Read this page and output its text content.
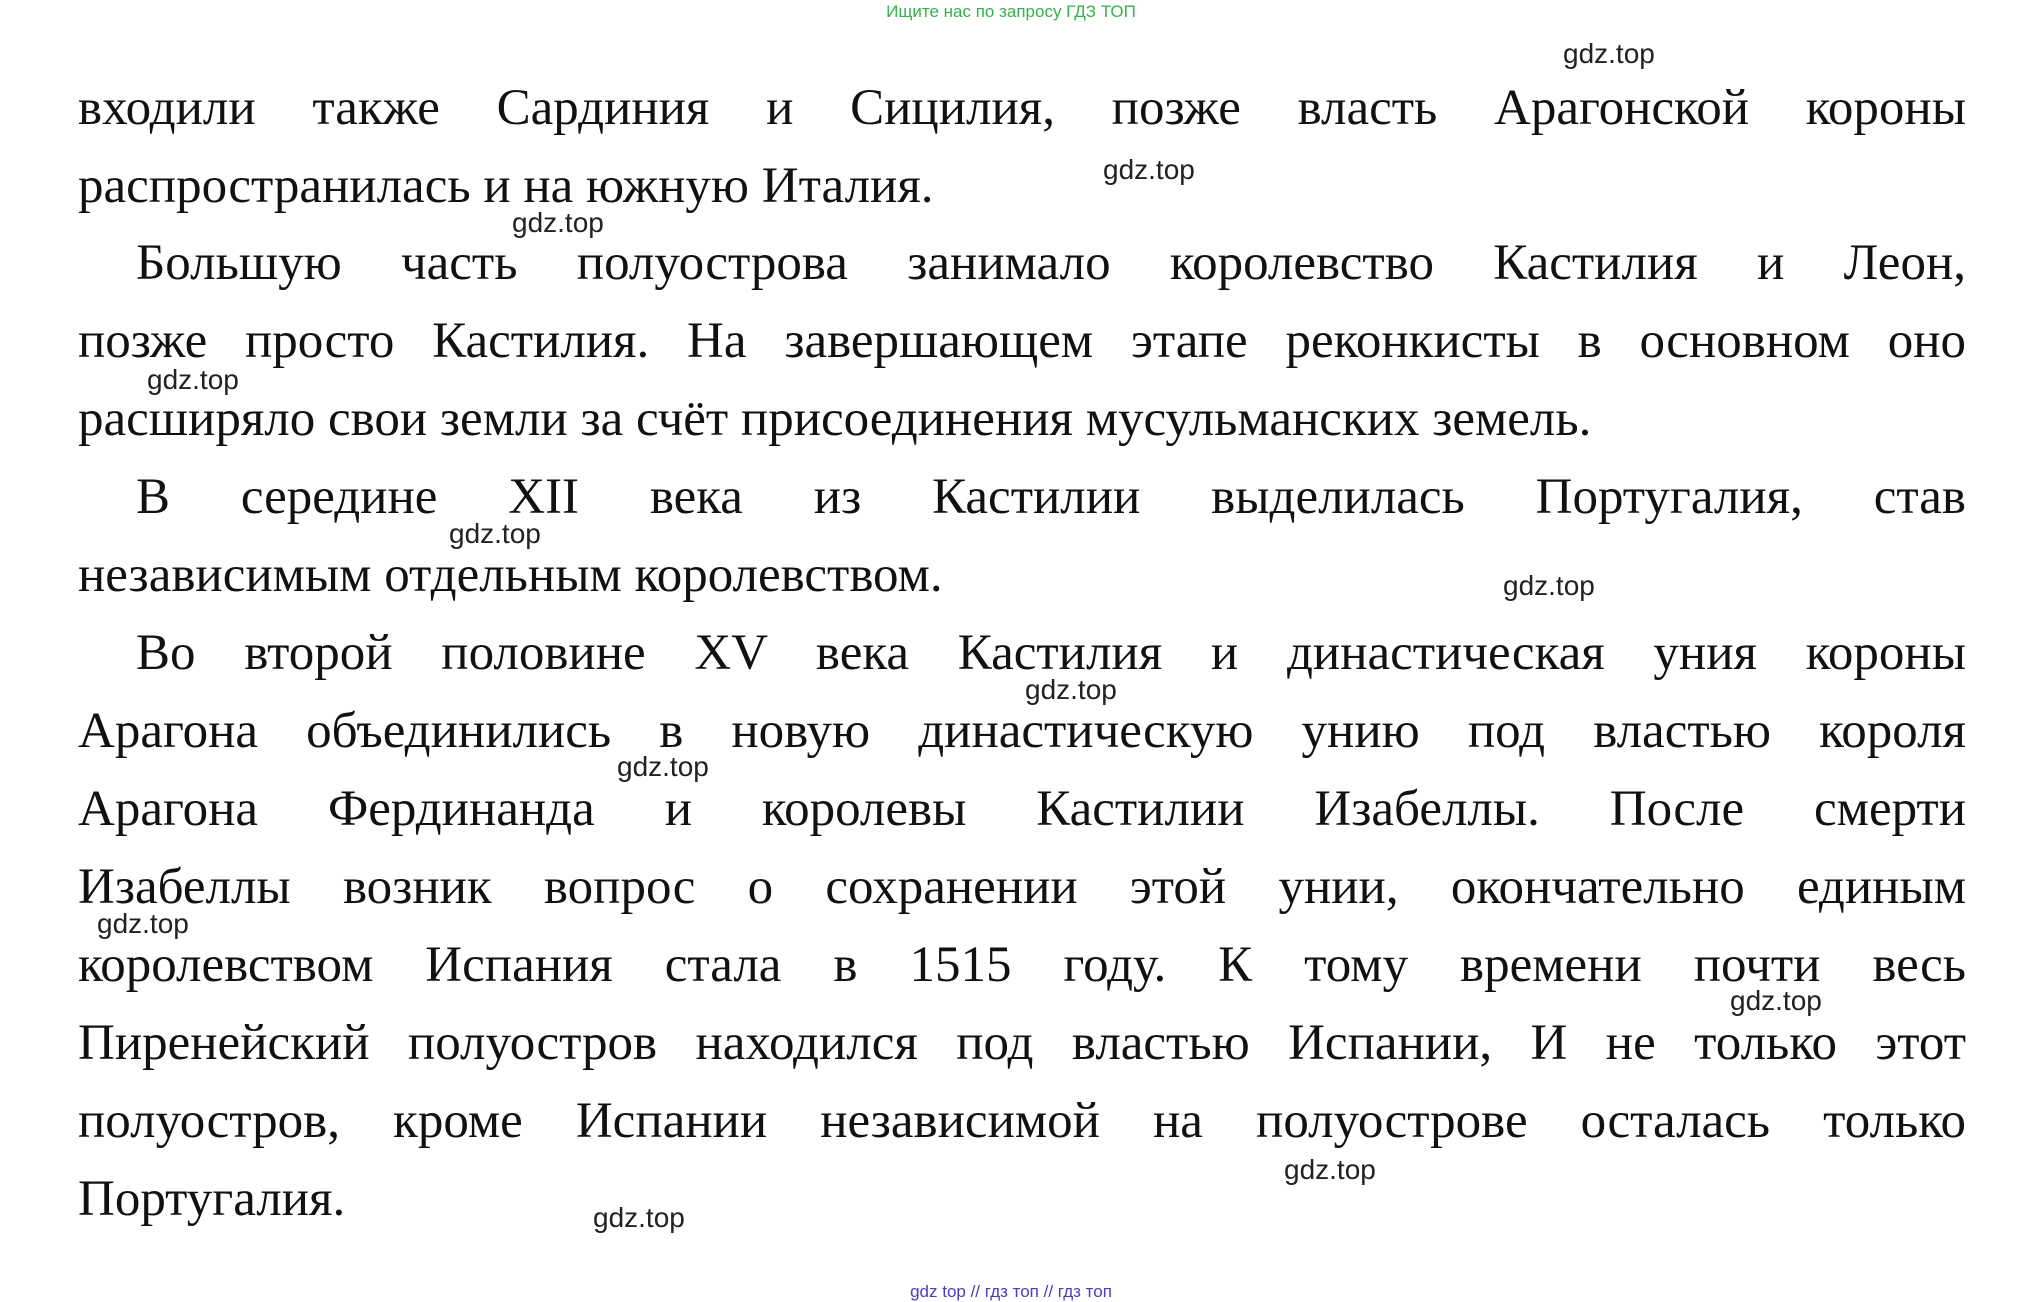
Ищите нас по запросу ГДЗ ТОП
входили также Сардиния и Сицилия, позже власть Арагонской короны
распространилась и на южную Италия.
Большую часть полуострова занимало королевство Кастилия и Леон,
позже просто Кастилия. На завершающем этапе реконкисты в основном оно
расширяло свои земли за счёт присоединения мусульманских земель.
В середине XII века из Кастилии выделилась Португалия, став
независимым отдельным королевством.
Во второй половине XV века Кастилия и династическая уния короны
Арагона объединились в новую династическую унию под властью короля
Арагона Фердинанда и королевы Кастилии Изабеллы. После смерти
Изабеллы возник вопрос о сохранении этой унии, окончательно единым
королевством Испания стала в 1515 году. К тому времени почти весь
Пиренейский полуостров находился под властью Испании, И не только этот
полуостров, кроме Испании независимой на полуострове осталась только
Португалия.
gdz.top
gdz.top
gdz.top
gdz.top
gdz.top
gdz.top
gdz.top
gdz.top
gdz.top
gdz.top
gdz.top
gdz.top
gdz top // гдз топ // гдз топ
